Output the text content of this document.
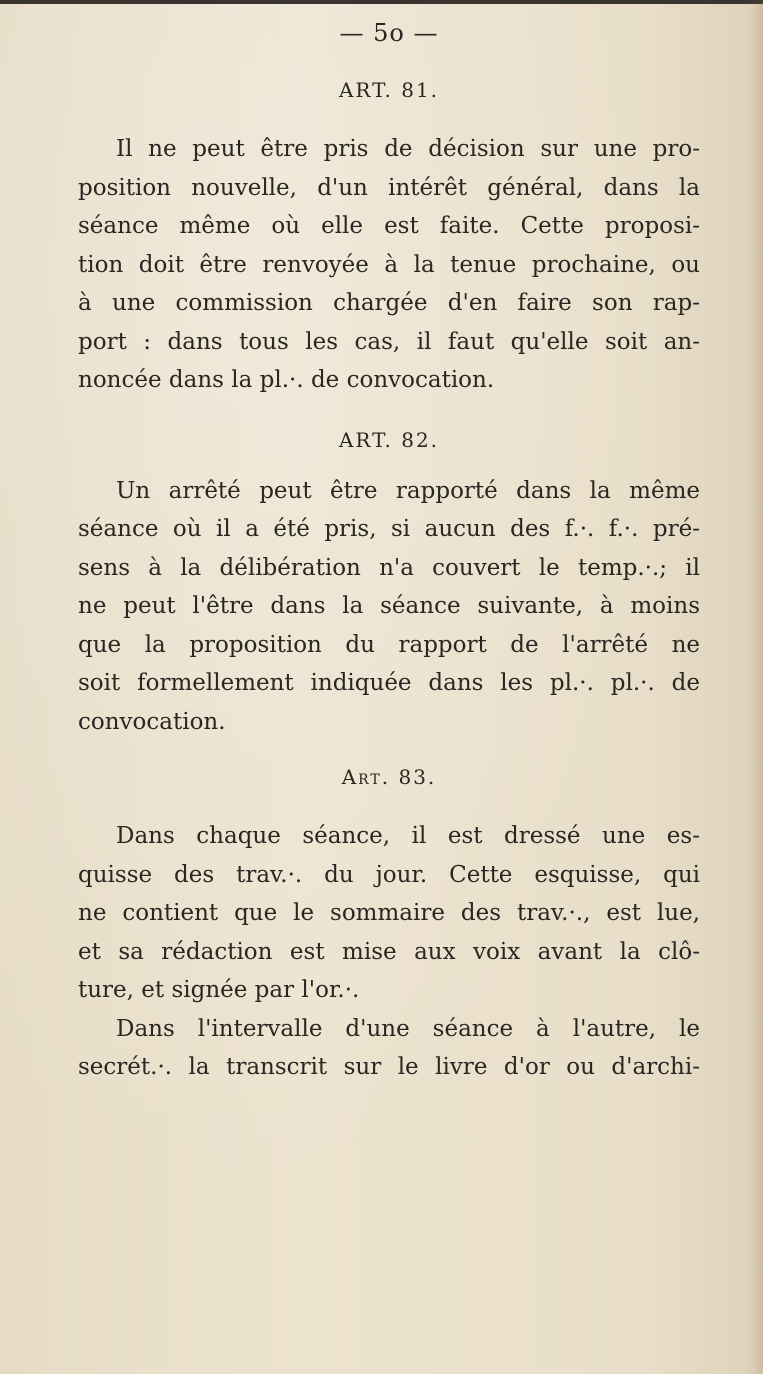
— 5o —
ART. 81.
Il ne peut être pris de décision sur une pro-
position nouvelle, d'un intérêt général, dans la
séance même où elle est faite. Cette proposi-
tion doit être renvoyée à la tenue prochaine, ou
à une commission chargée d'en faire son rap-
port : dans tous les cas, il faut qu'elle soit an-
noncée dans la pl.·. de convocation.
ART. 82.
Un arrêté peut être rapporté dans la même
séance où il a été pris, si aucun des f.·. f.·. pré-
sens à la délibération n'a couvert le temp.·.; il
ne peut l'être dans la séance suivante, à moins
que la proposition du rapport de l'arrêté ne
soit formellement indiquée dans les pl.·. pl.·. de
convocation.
Art. 83.
Dans chaque séance, il est dressé une es-
quisse des trav.·. du jour. Cette esquisse, qui
ne contient que le sommaire des trav.·., est lue,
et sa rédaction est mise aux voix avant la clô-
ture, et signée par l'or.·.
Dans l'intervalle d'une séance à l'autre, le
secrét.·. la transcrit sur le livre d'or ou d'archi-
